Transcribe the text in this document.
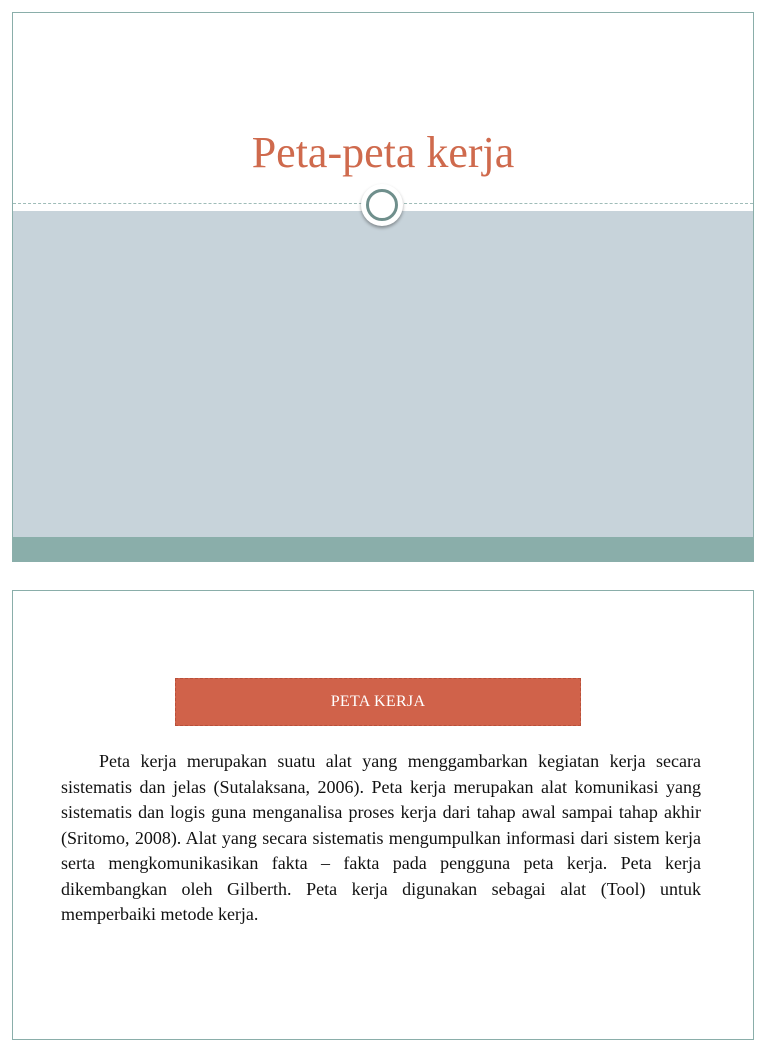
Peta-peta kerja
PETA KERJA

Peta kerja merupakan suatu alat yang menggambarkan kegiatan kerja secara sistematis dan jelas (Sutalaksana, 2006). Peta kerja merupakan alat komunikasi yang sistematis dan logis guna menganalisa proses kerja dari tahap awal sampai tahap akhir (Sritomo, 2008). Alat yang secara sistematis mengumpulkan informasi dari sistem kerja serta mengkomunikasikan fakta – fakta pada pengguna peta kerja. Peta kerja dikembangkan oleh Gilberth. Peta kerja digunakan sebagai alat (Tool) untuk memperbaiki metode kerja.
